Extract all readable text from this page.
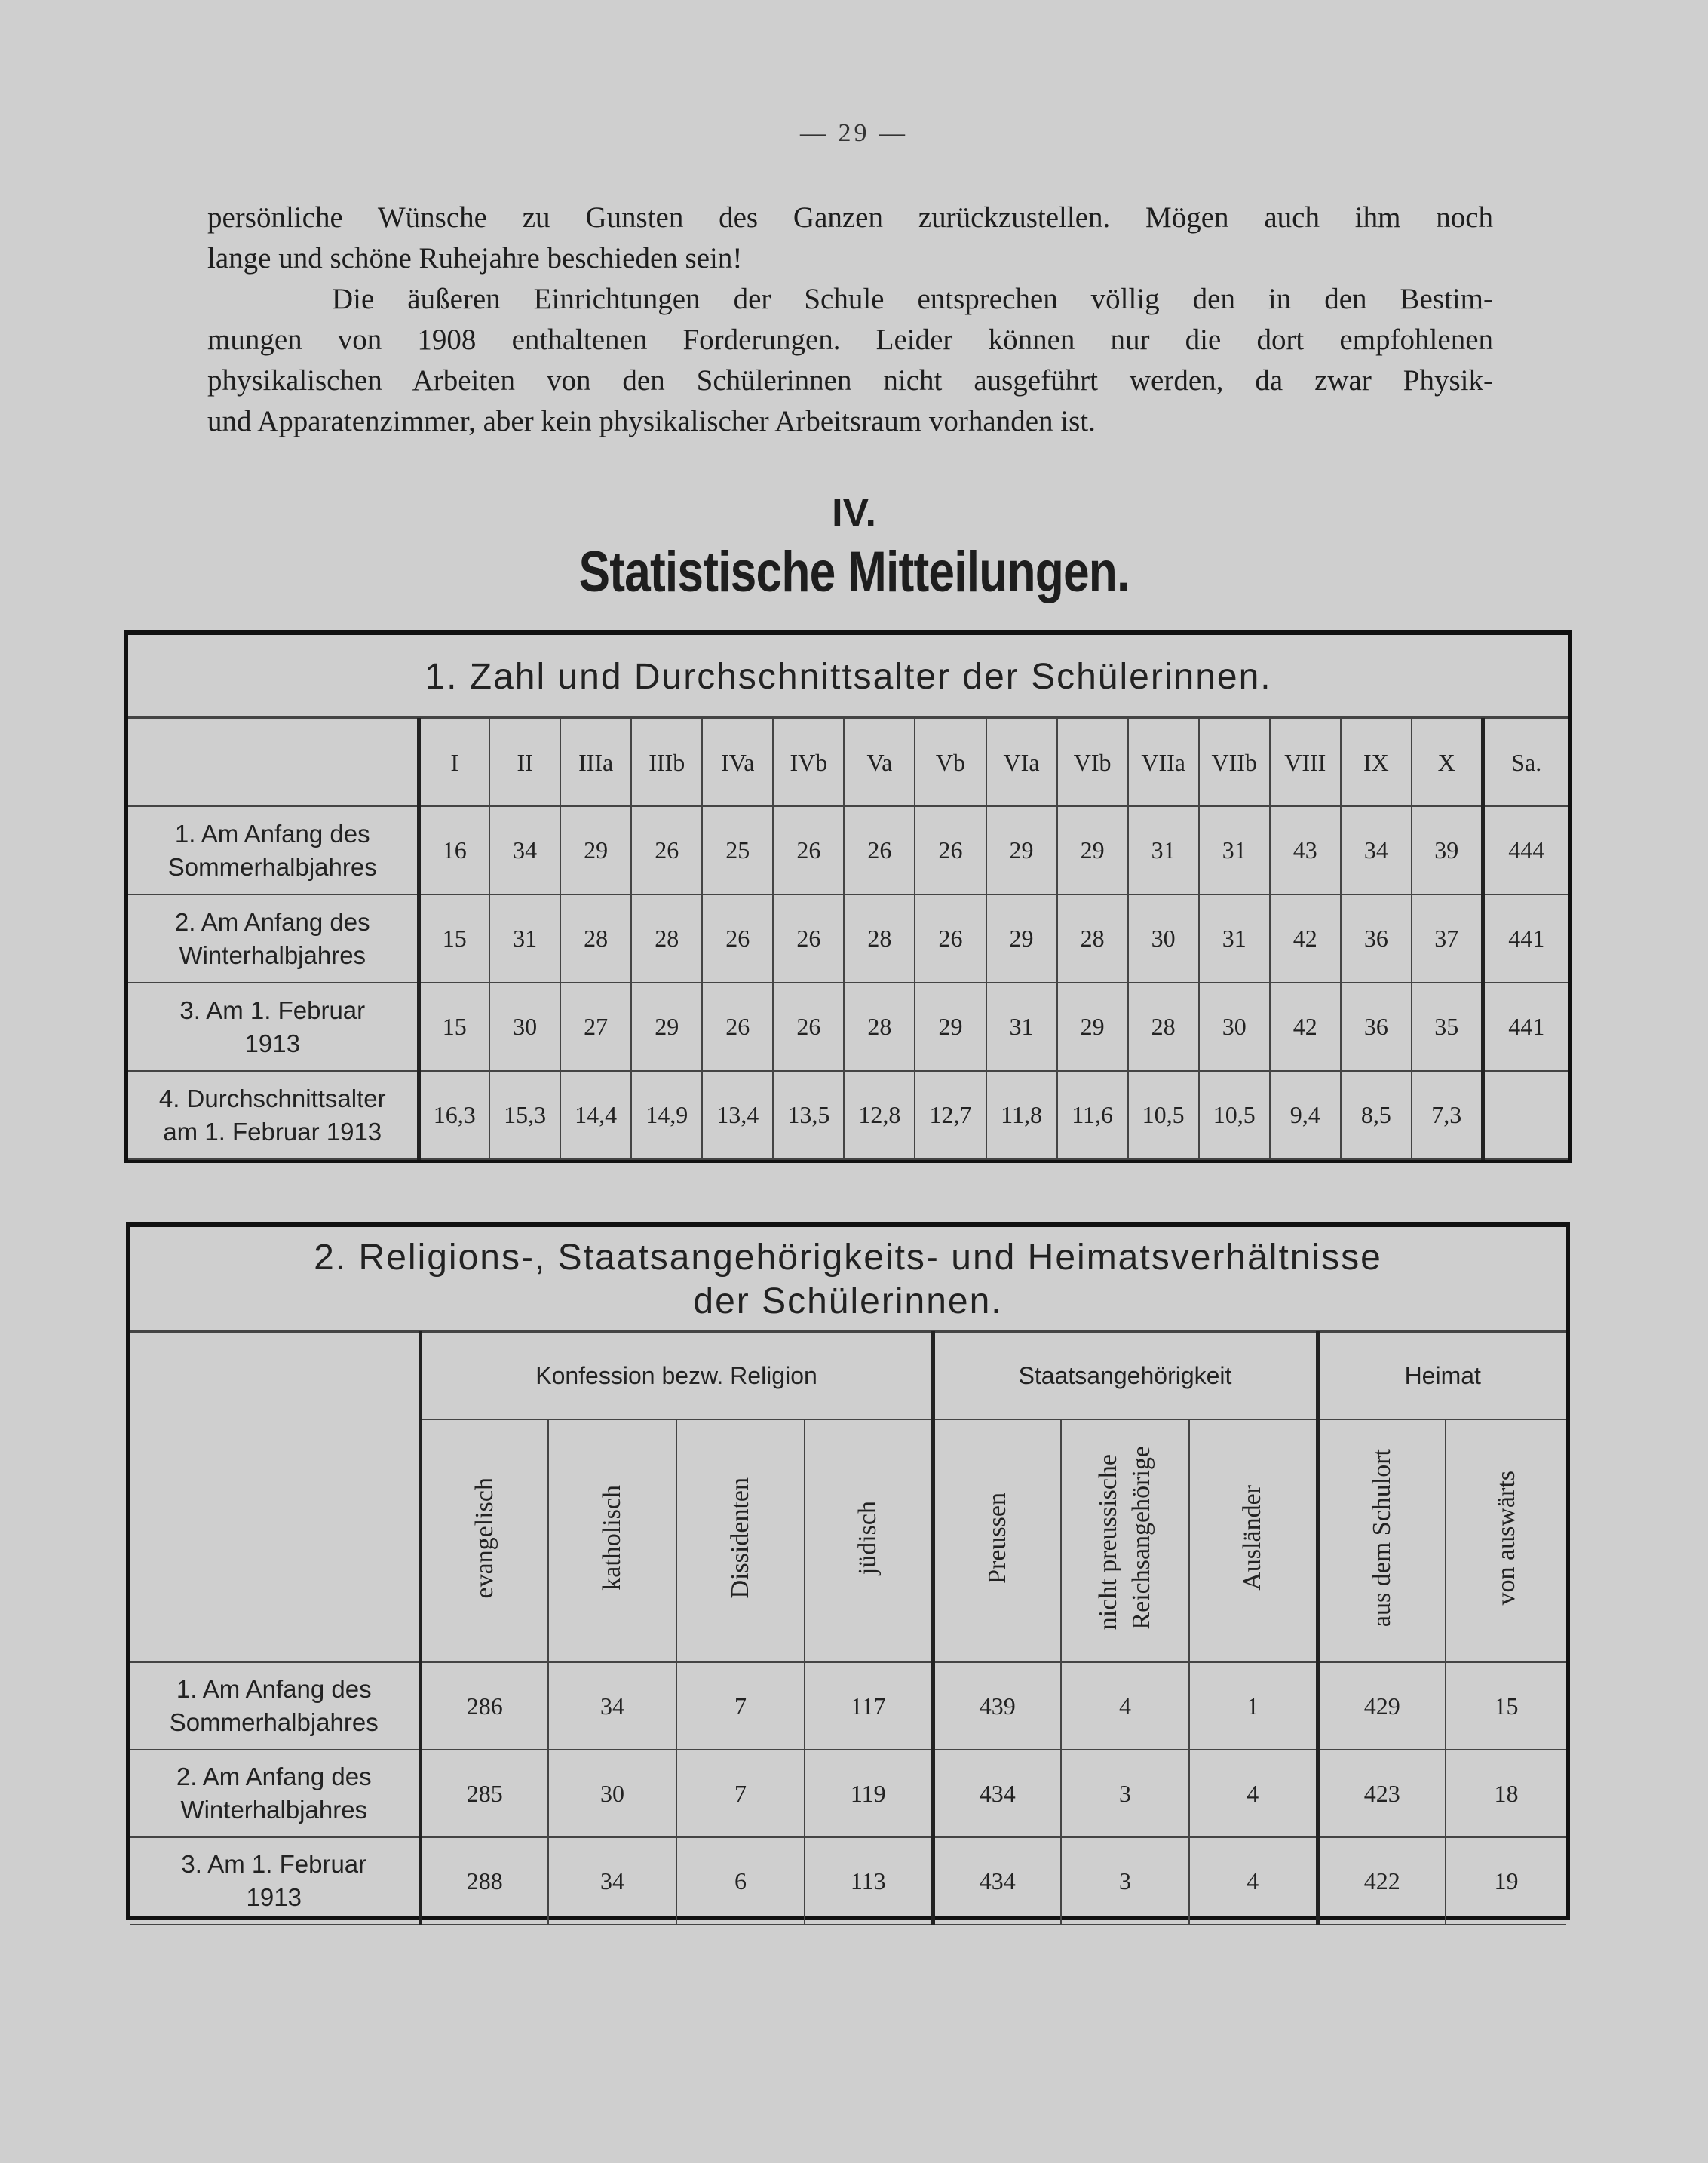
— 29 —
persönliche Wünsche zu Gunsten des Ganzen zurückzustellen. Mögen auch ihm noch
lange und schöne Ruhejahre beschieden sein!
Die äußeren Einrichtungen der Schule entsprechen völlig den in den Bestim-
mungen von 1908 enthaltenen Forderungen. Leider können nur die dort empfohlenen
physikalischen Arbeiten von den Schülerinnen nicht ausgeführt werden, da zwar Physik-
und Apparatenzimmer, aber kein physikalischer Arbeitsraum vorhanden ist.
IV.
Statistische Mitteilungen.
1. Zahl und Durchschnittsalter der Schülerinnen.
	I	II	IIIa	IIIb	IVa	IVb	Va	Vb	VIa	VIb	VIIa	VIIb	VIII	IX	X	Sa.

1. Am Anfang des
Sommerhalbjahres	16	34	29	26	25	26	26	26	29	29	31	31	43	34	39	444

2. Am Anfang des
Winterhalbjahres	15	31	28	28	26	26	28	26	29	28	30	31	42	36	37	441

3. Am 1. Februar
1913	15	30	27	29	26	26	28	29	31	29	28	30	42	36	35	441

4. Durchschnittsalter
am 1. Februar 1913	16,3	15,3	14,4	14,9	13,4	13,5	12,8	12,7	11,8	11,6	10,5	10,5	9,4	8,5	7,3	
2. Religions-, Staatsangehörigkeits- und Heimatsverhältnisse
der Schülerinnen.
	Konfession bezw. Religion				Staatsangehörigkeit			Heimat	
	evangelisch	katholisch	Dissidenten	jüdisch	Preussen	nicht preussische Reichsangehörige	Ausländer	aus dem Schulort	von auswärts

1. Am Anfang des
Sommerhalbjahres	286	34	7	117	439	4	1	429	15

2. Am Anfang des
Winterhalbjahres	285	30	7	119	434	3	4	423	18

3. Am 1. Februar
1913	288	34	6	113	434	3	4	422	19
